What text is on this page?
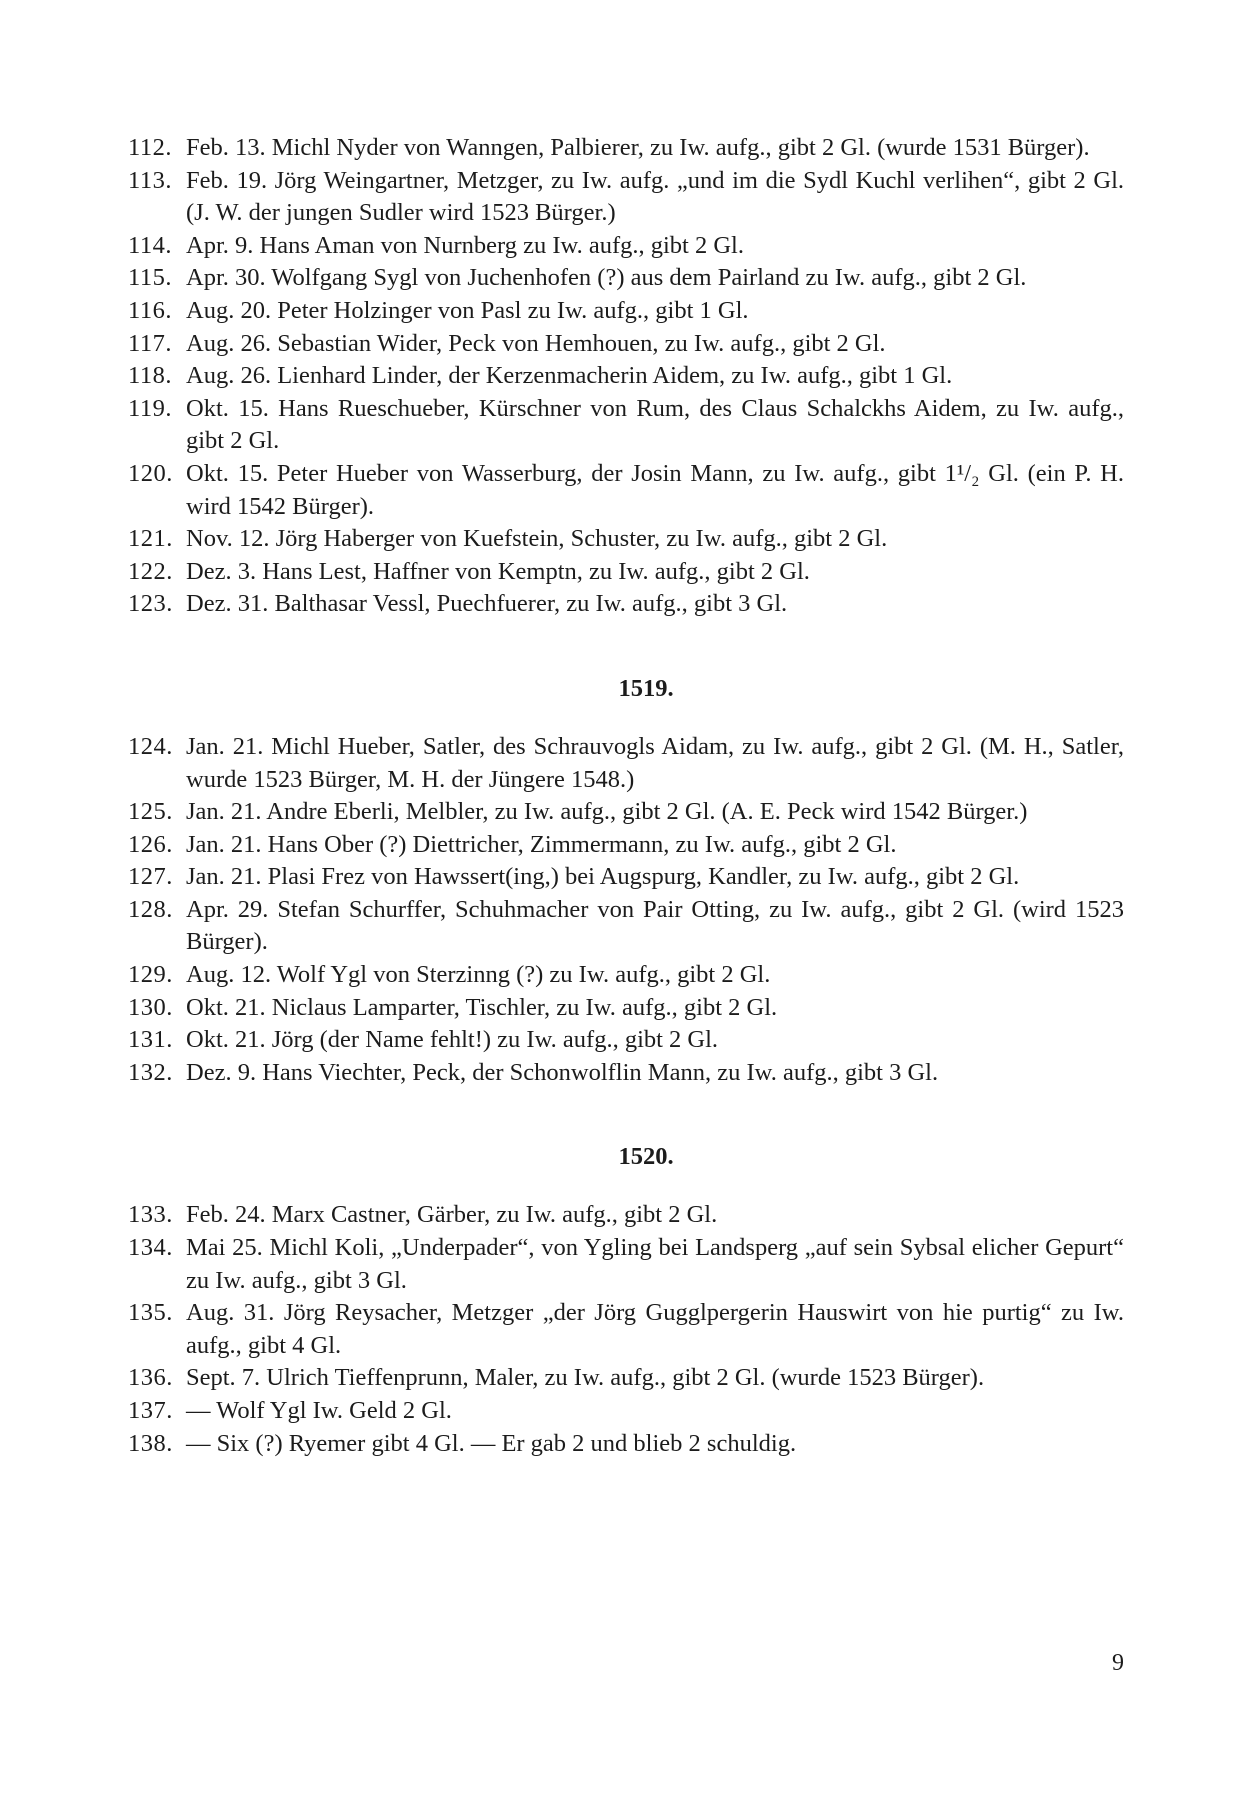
112. Feb. 13. Michl Nyder von Wanngen, Palbierer, zu Iw. aufg., gibt 2 Gl. (wurde 1531 Bürger).
113. Feb. 19. Jörg Weingartner, Metzger, zu Iw. aufg. „und im die Sydl Kuchl verlihen“, gibt 2 Gl. (J. W. der jungen Sudler wird 1523 Bürger.)
114. Apr. 9. Hans Aman von Nurnberg zu Iw. aufg., gibt 2 Gl.
115. Apr. 30. Wolfgang Sygl von Juchenhofen (?) aus dem Pairland zu Iw. aufg., gibt 2 Gl.
116. Aug. 20. Peter Holzinger von Pasl zu Iw. aufg., gibt 1 Gl.
117. Aug. 26. Sebastian Wider, Peck von Hemhouen, zu Iw. aufg., gibt 2 Gl.
118. Aug. 26. Lienhard Linder, der Kerzenmacherin Aidem, zu Iw. aufg., gibt 1 Gl.
119. Okt. 15. Hans Rueschueber, Kürschner von Rum, des Claus Schalckhs Aidem, zu Iw. aufg., gibt 2 Gl.
120. Okt. 15. Peter Hueber von Wasserburg, der Josin Mann, zu Iw. aufg., gibt 1¹/₂ Gl. (ein P. H. wird 1542 Bürger).
121. Nov. 12. Jörg Haberger von Kuefstein, Schuster, zu Iw. aufg., gibt 2 Gl.
122. Dez. 3. Hans Lest, Haffner von Kemptn, zu Iw. aufg., gibt 2 Gl.
123. Dez. 31. Balthasar Vessl, Puechfuerer, zu Iw. aufg., gibt 3 Gl.
1519.
124. Jan. 21. Michl Hueber, Satler, des Schrauvogls Aidam, zu Iw. aufg., gibt 2 Gl. (M. H., Satler, wurde 1523 Bürger, M. H. der Jüngere 1548.)
125. Jan. 21. Andre Eberli, Melbler, zu Iw. aufg., gibt 2 Gl. (A. E. Peck wird 1542 Bürger.)
126. Jan. 21. Hans Ober (?) Diettricher, Zimmermann, zu Iw. aufg., gibt 2 Gl.
127. Jan. 21. Plasi Frez von Hawssert(ing,) bei Augspurg, Kandler, zu Iw. aufg., gibt 2 Gl.
128. Apr. 29. Stefan Schurffer, Schuhmacher von Pair Otting, zu Iw. aufg., gibt 2 Gl. (wird 1523 Bürger).
129. Aug. 12. Wolf Ygl von Sterzinng (?) zu Iw. aufg., gibt 2 Gl.
130. Okt. 21. Niclaus Lamparter, Tischler, zu Iw. aufg., gibt 2 Gl.
131. Okt. 21. Jörg (der Name fehlt!) zu Iw. aufg., gibt 2 Gl.
132. Dez. 9. Hans Viechter, Peck, der Schonwolflin Mann, zu Iw. aufg., gibt 3 Gl.
1520.
133. Feb. 24. Marx Castner, Gärber, zu Iw. aufg., gibt 2 Gl.
134. Mai 25. Michl Koli, „Underpader“, von Ygling bei Landsperg „auf sein Sybsal elicher Gepurt“ zu Iw. aufg., gibt 3 Gl.
135. Aug. 31. Jörg Reysacher, Metzger „der Jörg Gugglpergerin Hauswirt von hie purtig“ zu Iw. aufg., gibt 4 Gl.
136. Sept. 7. Ulrich Tieffenprunn, Maler, zu Iw. aufg., gibt 2 Gl. (wurde 1523 Bürger).
137. — Wolf Ygl Iw. Geld 2 Gl.
138. — Six (?) Ryemer gibt 4 Gl. — Er gab 2 und blieb 2 schuldig.
9
